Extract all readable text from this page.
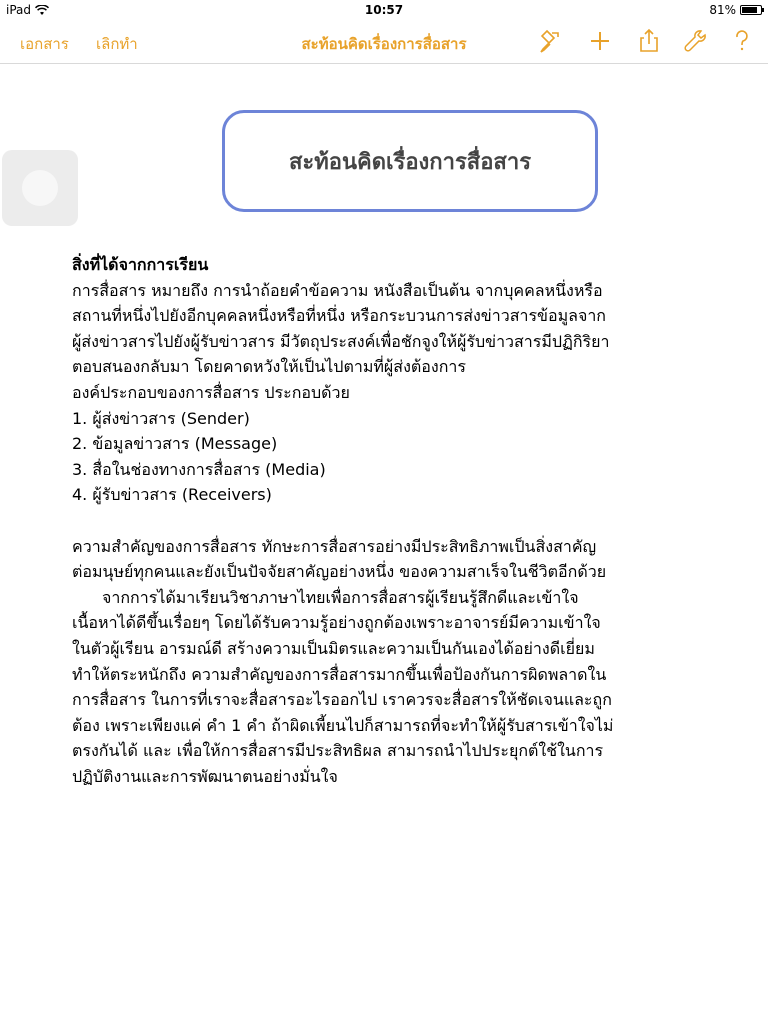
iPad	10:57	81%
เอกสาร เลิกทำ	สะท้อนคิดเรื่องการสื่อสาร
สะท้อนคิดเรื่องการสื่อสาร
สิ่งที่ได้จากการเรียน
การสื่อสาร หมายถึง การนำถ้อยคำข้อความ หนังสือเป็นต้น จากบุคคลหนึ่งหรือ
สถานที่หนึ่งไปยังอีกบุคคลหนึ่งหรือที่หนึ่ง หรือกระบวนการส่งข่าวสารข้อมูลจาก
ผู้ส่งข่าวสารไปยังผู้รับข่าวสาร มีวัตถุประสงค์เพื่อชักจูงให้ผู้รับข่าวสารมีปฏิกิริยา
ตอบสนองกลับมา โดยคาดหวังให้เป็นไปตามที่ผู้ส่งต้องการ
องค์ประกอบของการสื่อสาร ประกอบด้วย
1. ผู้ส่งข่าวสาร (Sender)
2. ข้อมูลข่าวสาร (Message)
3. สื่อในช่องทางการสื่อสาร (Media)
4. ผู้รับข่าวสาร (Receivers)
ความสำคัญของการสื่อสาร ทักษะการสื่อสารอย่างมีประสิทธิภาพเป็นสิ่งสาคัญ
ต่อมนุษย์ทุกคนและยังเป็นปัจจัยสาคัญอย่างหนึ่ง ของความสาเร็จในชีวิตอีกด้วย
จากการได้มาเรียนวิชาภาษาไทยเพื่อการสื่อสารผู้เรียนรู้สึกดีและเข้าใจ
เนื้อหาได้ดีขึ้นเรื่อยๆ โดยได้รับความรู้อย่างถูกต้องเพราะอาจารย์มีความเข้าใจ
ในตัวผู้เรียน อารมณ์ดี สร้างความเป็นมิตรและความเป็นกันเองได้อย่างดีเยี่ยม
ทำให้ตระหนักถึง ความสำคัญของการสื่อสารมากขึ้นเพื่อป้องกันการผิดพลาดใน
การสื่อสาร ในการที่เราจะสื่อสารอะไรออกไป เราควรจะสื่อสารให้ชัดเจนและถูก
ต้อง เพราะเพียงแค่ คำ 1 คำ ถ้าผิดเพี้ยนไปก็สามารถที่จะทำให้ผู้รับสารเข้าใจไม่
ตรงกันได้ และ เพื่อให้การสื่อสารมีประสิทธิผล สามารถนำไปประยุกต์ใช้ในการ
ปฏิบัติงานและการพัฒนาตนอย่างมั่นใจ
